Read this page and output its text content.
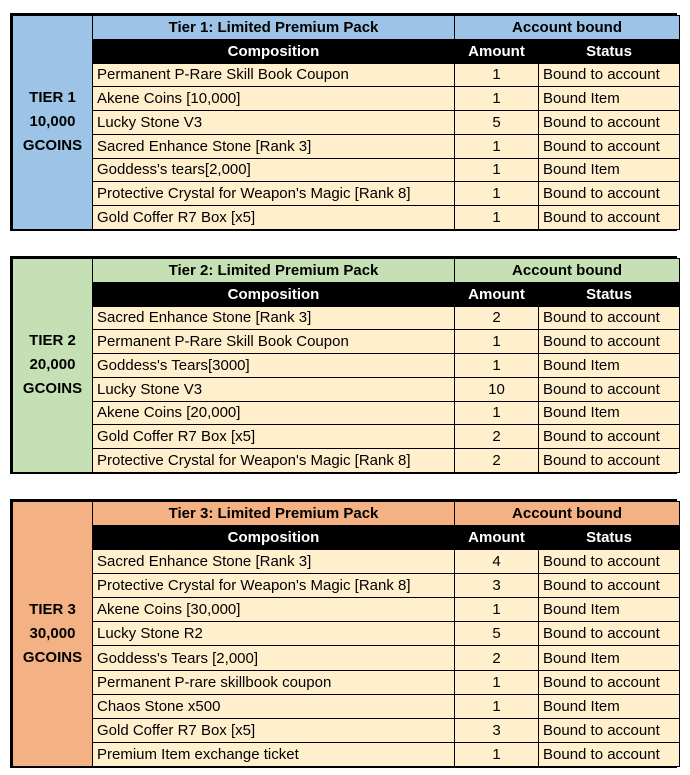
TIER 1
10,000
GCOINS	Tier 1: Limited Premium Pack	Account bound	
	Composition	Amount	Status
	Permanent P-Rare Skill Book Coupon	1	Bound to account
	Akene Coins [10,000]	1	Bound Item
	Lucky Stone V3	5	Bound to account
	Sacred Enhance Stone [Rank 3]	1	Bound to account
	Goddess's tears[2,000]	1	Bound Item
	Protective Crystal for Weapon's Magic [Rank 8]	1	Bound to account
	Gold Coffer R7 Box [x5]	1	Bound to account
TIER 2
20,000
GCOINS	Tier 2: Limited Premium Pack	Account bound	
	Composition	Amount	Status
	Sacred Enhance Stone [Rank 3]	2	Bound to account
	Permanent P-Rare Skill Book Coupon	1	Bound to account
	Goddess's Tears[3000]	1	Bound Item
	Lucky Stone V3	10	Bound to account
	Akene Coins [20,000]	1	Bound Item
	Gold Coffer R7 Box [x5]	2	Bound to account
	Protective Crystal for Weapon's Magic [Rank 8]	2	Bound to account
TIER 3
30,000
GCOINS	Tier 3: Limited Premium Pack	Account bound	
	Composition	Amount	Status
	Sacred Enhance Stone [Rank 3]	4	Bound to account
	Protective Crystal for Weapon's Magic [Rank 8]	3	Bound to account
	Akene Coins [30,000]	1	Bound Item
	Lucky Stone R2	5	Bound to account
	Goddess's Tears [2,000]	2	Bound Item
	Permanent P-rare skillbook coupon	1	Bound to account
	Chaos Stone x500	1	Bound Item
	Gold Coffer R7 Box [x5]	3	Bound to account
	Premium Item exchange ticket	1	Bound to account
